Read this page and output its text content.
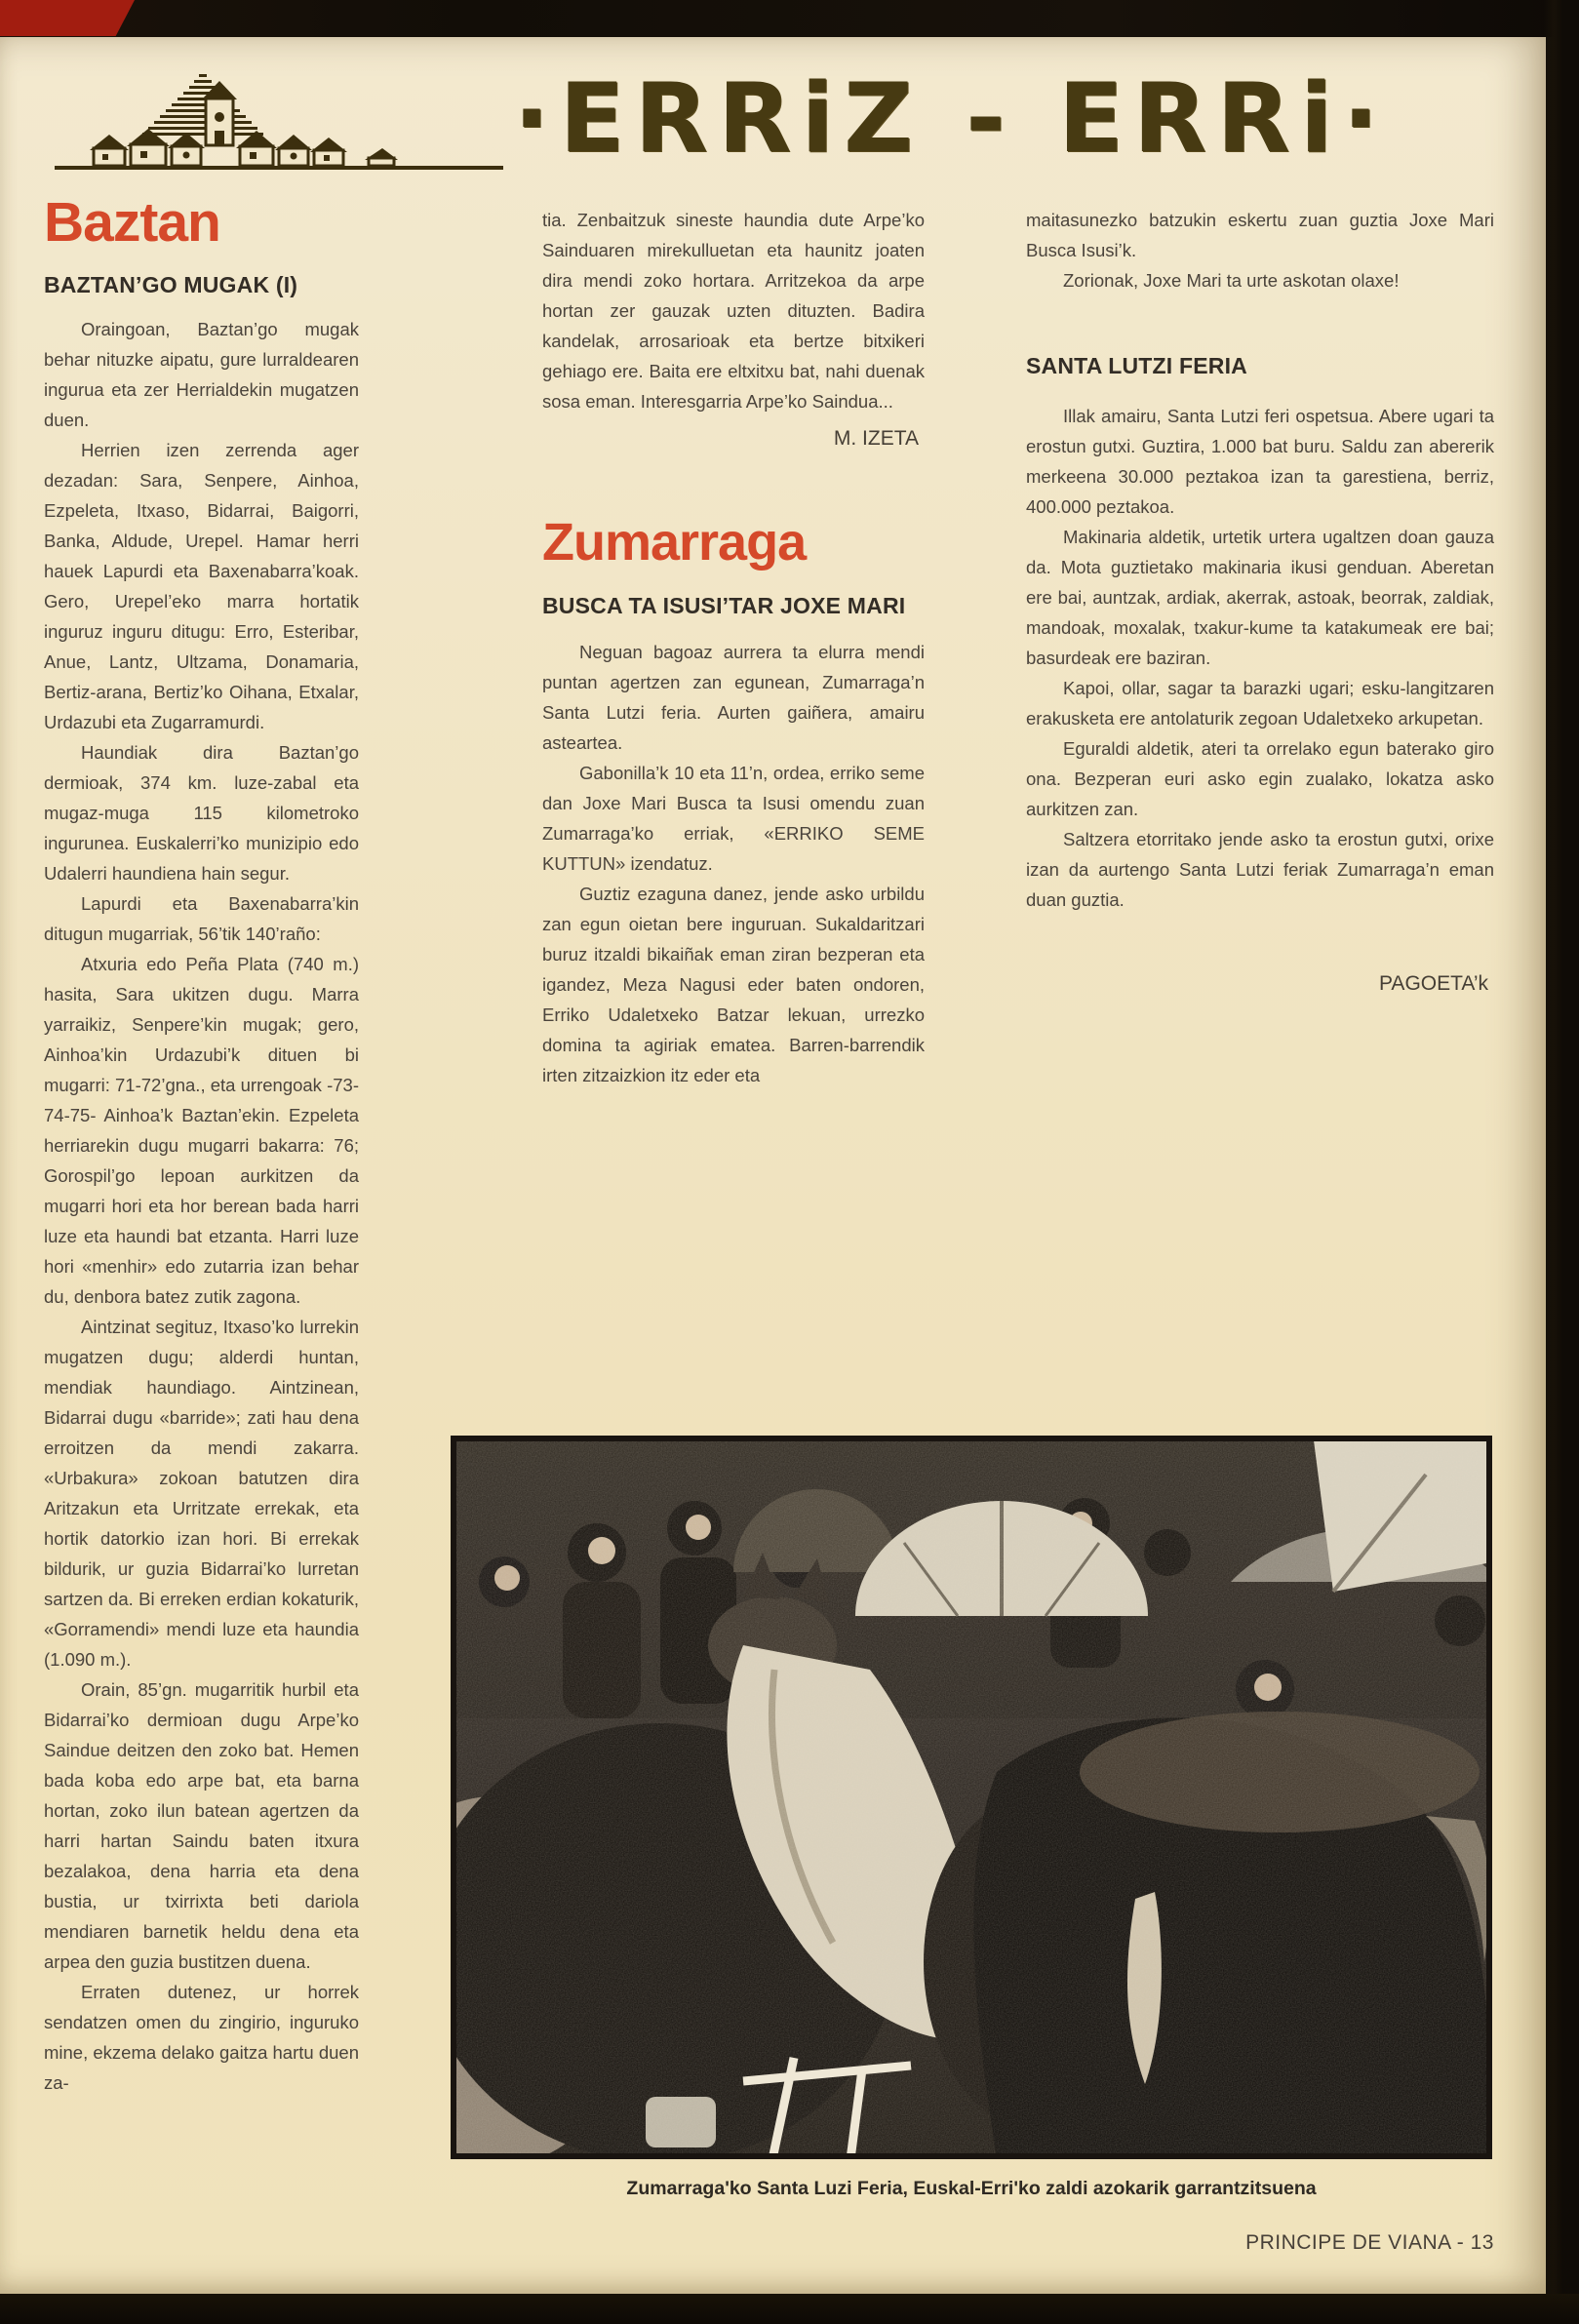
·ERRiZ - ERRi·
Baztan
BAZTAN’GO MUGAK (I)

Oraingoan, Baztan’go mugak behar nituzke aipatu, gure lurraldearen ingurua eta zer Herrialdekin mugatzen duen.

Herrien izen zerrenda ager dezadan: Sara, Senpere, Ainhoa, Ezpeleta, Itxaso, Bidarrai, Baigorri, Banka, Aldude, Urepel. Hamar herri hauek Lapurdi eta Baxenabarra’koak. Gero, Urepel’eko marra hortatik inguruz inguru ditugu: Erro, Esteribar, Anue, Lantz, Ultzama, Donamaria, Bertiz-arana, Bertiz’ko Oihana, Etxalar, Urdazubi eta Zugarramurdi.

Haundiak dira Baztan’go dermioak, 374 km. luze-zabal eta mugaz-muga 115 kilometroko ingurunea. Euskalerri’ko munizipio edo Udalerri haundiena hain segur.

Lapurdi eta Baxenabarra’kin ditugun mugarriak, 56’tik 140’raño:

Atxuria edo Peña Plata (740 m.) hasita, Sara ukitzen dugu. Marra yarraikiz, Senpere’kin mugak; gero, Ainhoa’kin Urdazubi’k dituen bi mugarri: 71-72’gna., eta urrengoak -73-74-75- Ainhoa’k Baztan’ekin. Ezpeleta herriarekin dugu mugarri bakarra: 76; Gorospil’go lepoan aurkitzen da mugarri hori eta hor berean bada harri luze eta haundi bat etzanta. Harri luze hori «menhir» edo zutarria izan behar du, denbora batez zutik zagona.

Aintzinat segituz, Itxaso’ko lurrekin mugatzen dugu; alderdi huntan, mendiak haundiago. Aintzinean, Bidarrai dugu «barride»; zati hau dena erroitzen da mendi zakarra. «Urbakura» zokoan batutzen dira Aritzakun eta Urritzate errekak, eta hortik datorkio izan hori. Bi errekak bildurik, ur guzia Bidarrai’ko lurretan sartzen da. Bi erreken erdian kokaturik, «Gorramendi» mendi luze eta haundia (1.090 m.).

Orain, 85’gn. mugarritik hurbil eta Bidarrai’ko dermioan dugu Arpe’ko Saindue deitzen den zoko bat. Hemen bada koba edo arpe bat, eta barna hortan, zoko ilun batean agertzen da harri hartan Saindu baten itxura bezalakoa, dena harria eta dena bustia, ur txirrixta beti dariola mendiaren barnetik heldu dena eta arpea den guzia bustitzen duena.

Erraten dutenez, ur horrek sendatzen omen du zingirio, inguruko mine, ekzema delako gaitza hartu duen za-

tia. Zenbaitzuk sineste haundia dute Arpe’ko Sainduaren mirekulluetan eta haunitz joaten dira mendi zoko hortara. Arritzekoa da arpe hortan zer gauzak uzten dituzten. Badira kandelak, arrosarioak eta bertze bitxikeri gehiago ere. Baita ere eltxitxu bat, nahi duenak sosa eman. Interesgarria Arpe’ko Saindua...

M. IZETA
Zumarraga
BUSCA TA ISUSI’TAR JOXE MARI

Neguan bagoaz aurrera ta elurra mendi puntan agertzen zan egunean, Zumarraga’n Santa Lutzi feria. Aurten gaiñera, amairu asteartea.

Gabonilla’k 10 eta 11’n, ordea, erriko seme dan Joxe Mari Busca ta Isusi omendu zuan Zumarraga’ko erriak, «ERRIKO SEME KUTTUN» izendatuz.

Guztiz ezaguna danez, jende asko urbildu zan egun oietan bere inguruan. Sukaldaritzari buruz itzaldi bikaiñak eman ziran bezperan eta igandez, Meza Nagusi eder baten ondoren, Erriko Udaletxeko Batzar lekuan, urrezko domina ta agiriak ematea. Barren-barrendik irten zitzaizkion itz eder eta

maitasunezko batzukin eskertu zuan guztia Joxe Mari Busca Isusi’k.

Zorionak, Joxe Mari ta urte askotan olaxe!

SANTA LUTZI FERIA

Illak amairu, Santa Lutzi feri ospetsua. Abere ugari ta erostun gutxi. Guztira, 1.000 bat buru. Saldu zan abererik merkeena 30.000 peztakoa izan ta garestiena, berriz, 400.000 peztakoa.

Makinaria aldetik, urtetik urtera ugaltzen doan gauza da. Mota guztietako makinaria ikusi genduan. Aberetan ere bai, auntzak, ardiak, akerrak, astoak, beorrak, zaldiak, mandoak, moxalak, txakur-kume ta katakumeak ere bai; basurdeak ere baziran.

Kapoi, ollar, sagar ta barazki ugari; esku-langitzaren erakusketa ere antolaturik zegoan Udaletxeko arkupetan.

Eguraldi aldetik, ateri ta orrelako egun baterako giro ona. Bezperan euri asko egin zualako, lokatza asko aurkitzen zan.

Saltzera etorritako jende asko ta erostun gutxi, orixe izan da aurtengo Santa Lutzi feriak Zumarraga’n eman duan guztia.

PAGOETA’k
Zumarraga'ko Santa Luzi Feria, Euskal-Erri'ko zaldi azokarik garrantzitsuena
PRINCIPE DE VIANA - 13
